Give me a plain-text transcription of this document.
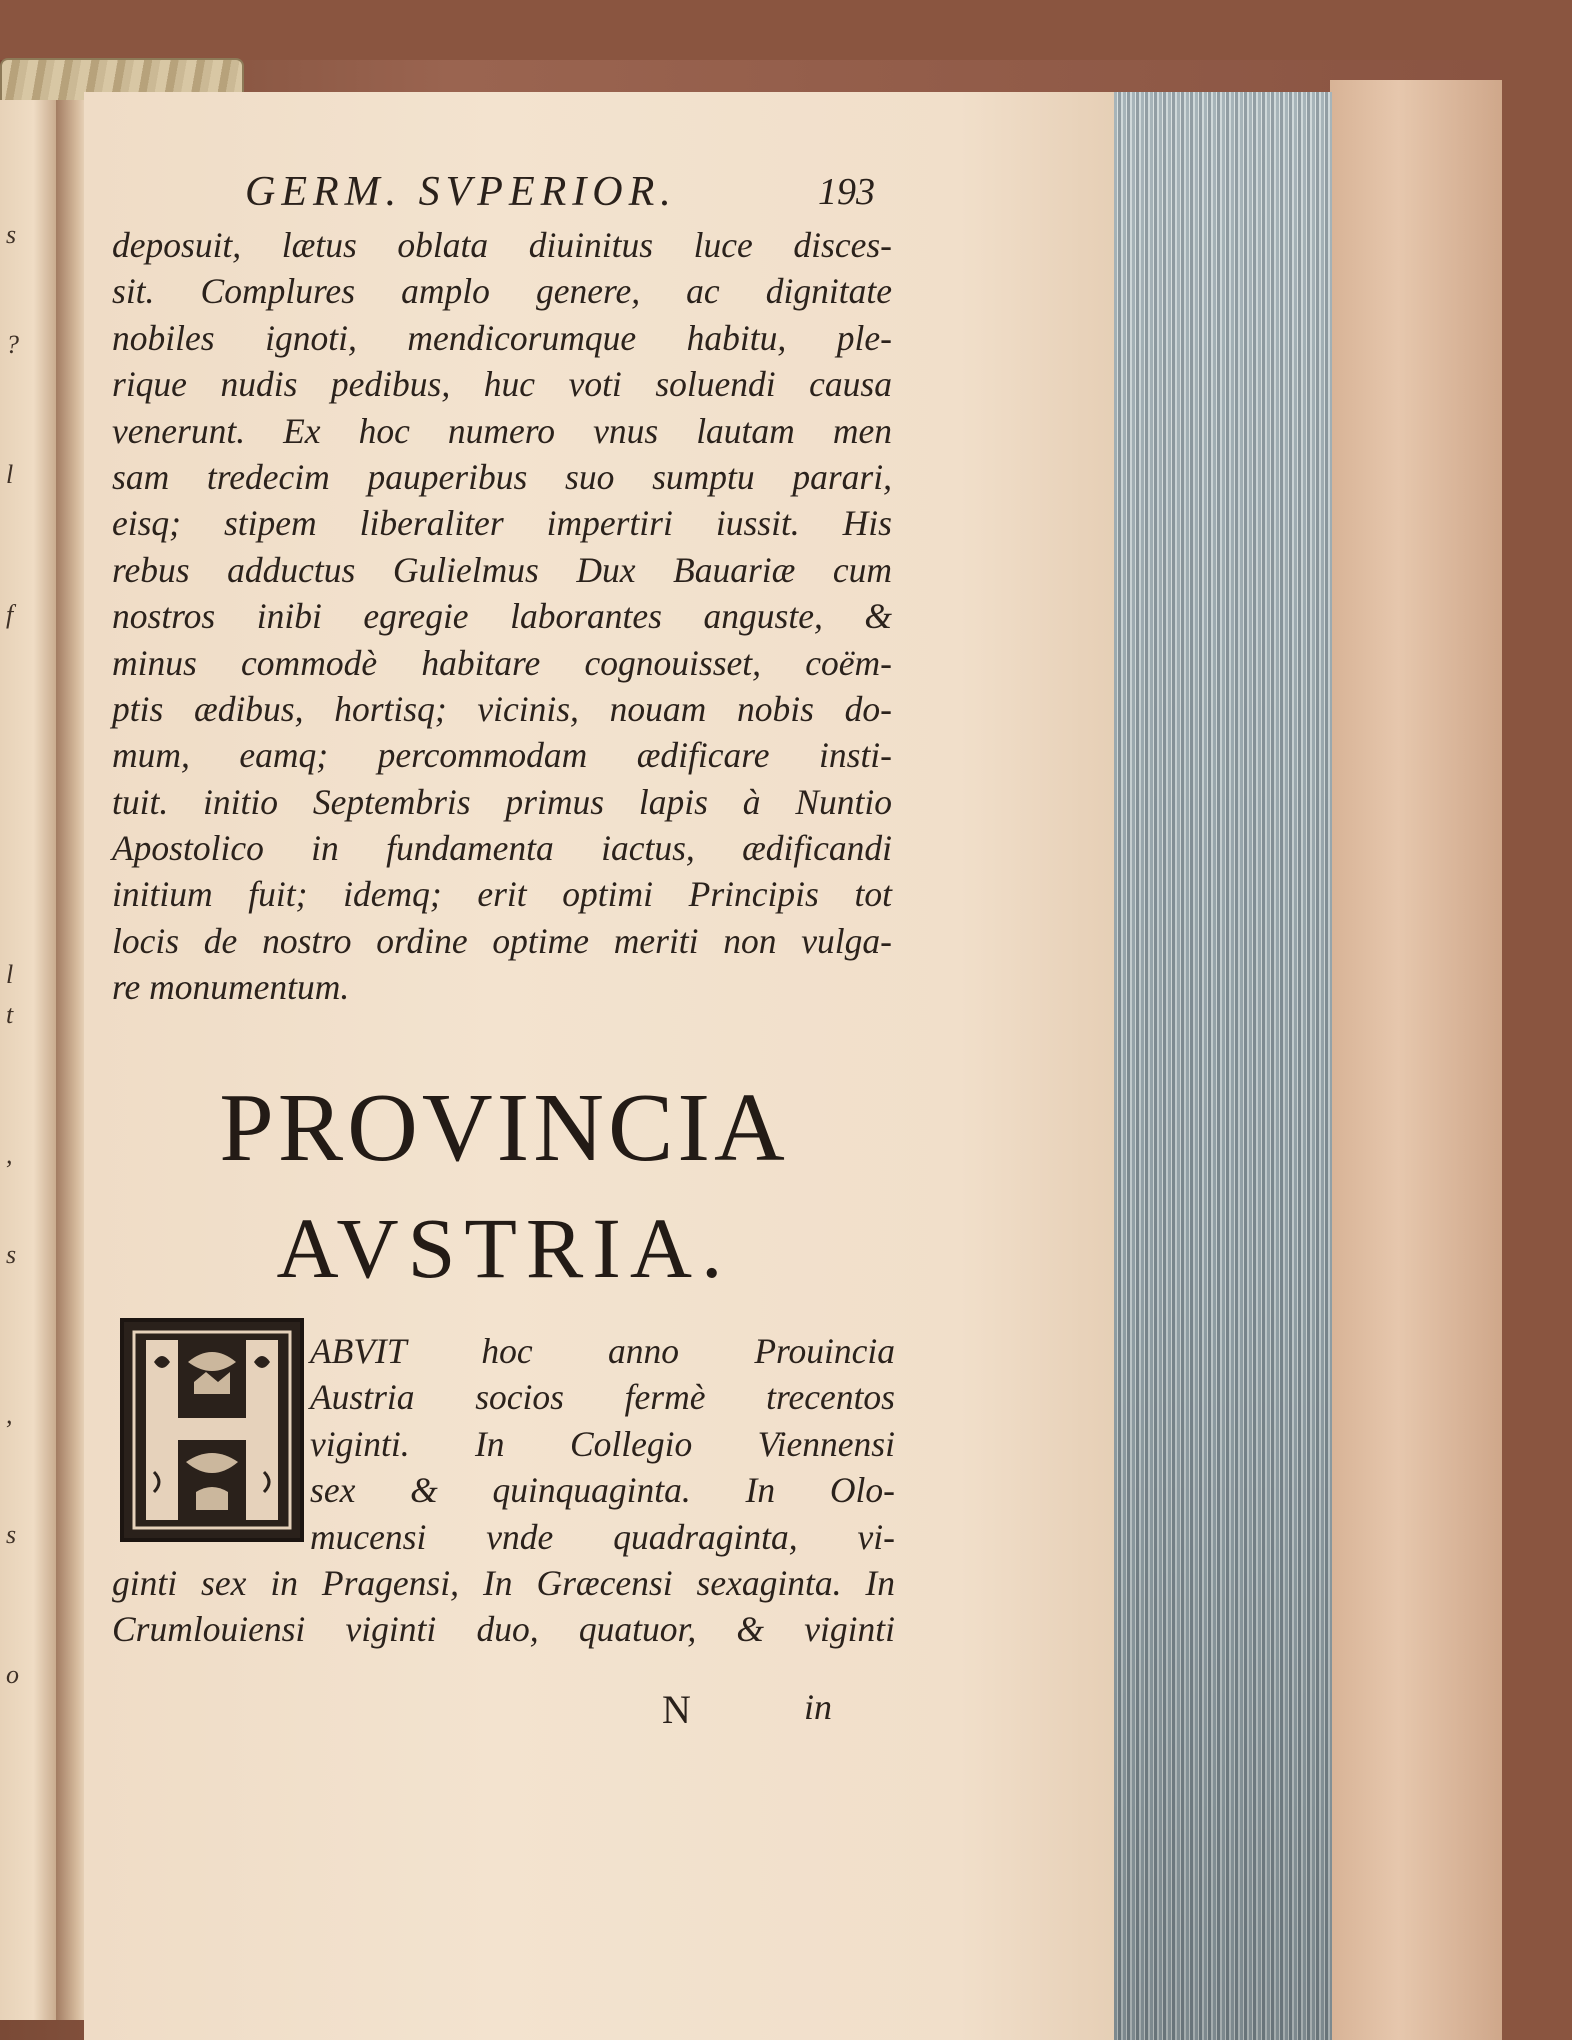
s
?
l
f
l
t
,
s
,
s
o
GERM. SVPERIOR.	193
deposuit, lætus oblata diuinitus luce disces-
sit. Complures amplo genere, ac dignitate
nobiles ignoti, mendicorumque habitu, ple-
rique nudis pedibus, huc voti soluendi causa
venerunt. Ex hoc numero vnus lautam men
sam tredecim pauperibus suo sumptu parari,
eisq; stipem liberaliter impertiri iussit. His
rebus adductus Gulielmus Dux Bauariæ cum
nostros inibi egregie laborantes anguste, &
minus commodè habitare cognouisset, coëm-
ptis ædibus, hortisq; vicinis, nouam nobis do-
mum, eamq; percommodam ædificare insti-
tuit. initio Septembris primus lapis à Nuntio
Apostolico in fundamenta iactus, ædificandi
initium fuit; idemq; erit optimi Principis tot
locis de nostro ordine optime meriti non vulga-
re monumentum.
PROVINCIA
AVSTRIA.
ABVIT hoc anno Prouincia
Austria socios fermè trecentos
viginti. In Collegio Viennensi
sex & quinquaginta. In Olo-
mucensi vnde quadraginta, vi-
ginti sex in Pragensi, In Græcensi sexaginta. In
Crumlouiensi viginti duo, quatuor, & viginti
N	in
